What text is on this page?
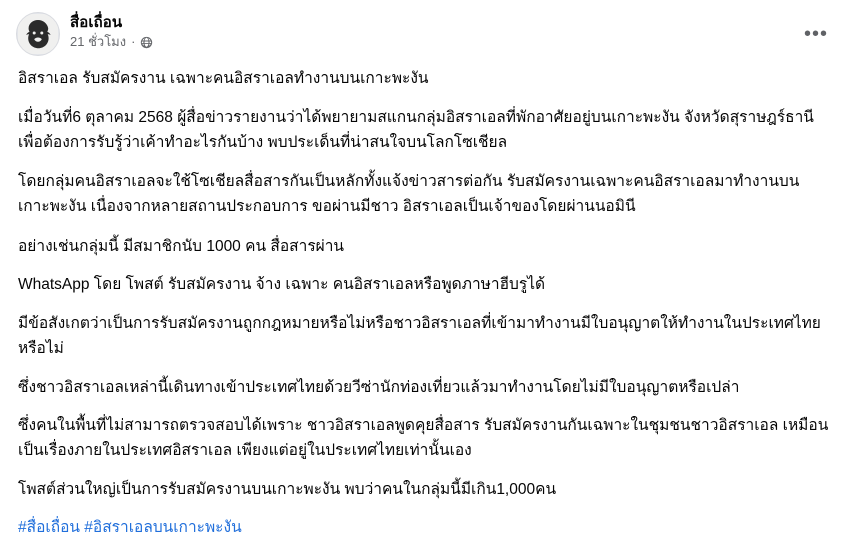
สื่อเถื่อน
21 ชั่วโมง ·	•••

อิสราเอล รับสมัครงาน เฉพาะคนอิสราเอลทำงานบนเกาะพะงัน

เมื่อวันที่6 ตุลาคม 2568 ผู้สื่อข่าวรายงานว่าได้พยายามสแกนกลุ่มอิสราเอลที่พักอาศัยอยู่บนเกาะพะงัน จังหวัดสุราษฎร์ธานี เพื่อต้องการรับรู้ว่าเค้าทำอะไรกันบ้าง พบประเด็นที่น่าสนใจบนโลกโซเชียล

โดยกลุ่มคนอิสราเอลจะใช้โซเชียลสื่อสารกันเป็นหลักทั้งแจ้งข่าวสารต่อกัน รับสมัครงานเฉพาะคนอิสราเอลมาทำงานบนเกาะพะงัน เนื่องจากหลายสถานประกอบการ ขอผ่านมีชาว อิสราเอลเป็นเจ้าของโดยผ่านนอมินี

อย่างเช่นกลุ่มนี้ มีสมาชิกนับ 1000 คน สื่อสารผ่าน

WhatsApp โดย โพสต์ รับสมัครงาน จ้าง เฉพาะ คนอิสราเอลหรือพูดภาษาฮีบรูได้

มีข้อสังเกตว่าเป็นการรับสมัครงานถูกกฎหมายหรือไม่หรือชาวอิสราเอลที่เข้ามาทำงานมีใบอนุญาตให้ทำงานในประเทศไทยหรือไม่

ซึ่งชาวอิสราเอลเหล่านี้เดินทางเข้าประเทศไทยด้วยวีซ่านักท่องเที่ยวแล้วมาทำงานโดยไม่มีใบอนุญาตหรือเปล่า

ซึ่งคนในพื้นที่ไม่สามารถตรวจสอบได้เพราะ ชาวอิสราเอลพูดคุยสื่อสาร รับสมัครงานกันเฉพาะในชุมชนชาวอิสราเอล เหมือนเป็นเรื่องภายในประเทศอิสราเอล เพียงแต่อยู่ในประเทศไทยเท่านั้นเอง

โพสต์ส่วนใหญ่เป็นการรับสมัครงานบนเกาะพะงัน พบว่าคนในกลุ่มนี้มีเกิน1,000คน

#สื่อเถื่อน #อิสราเอลบนเกาะพะงัน
